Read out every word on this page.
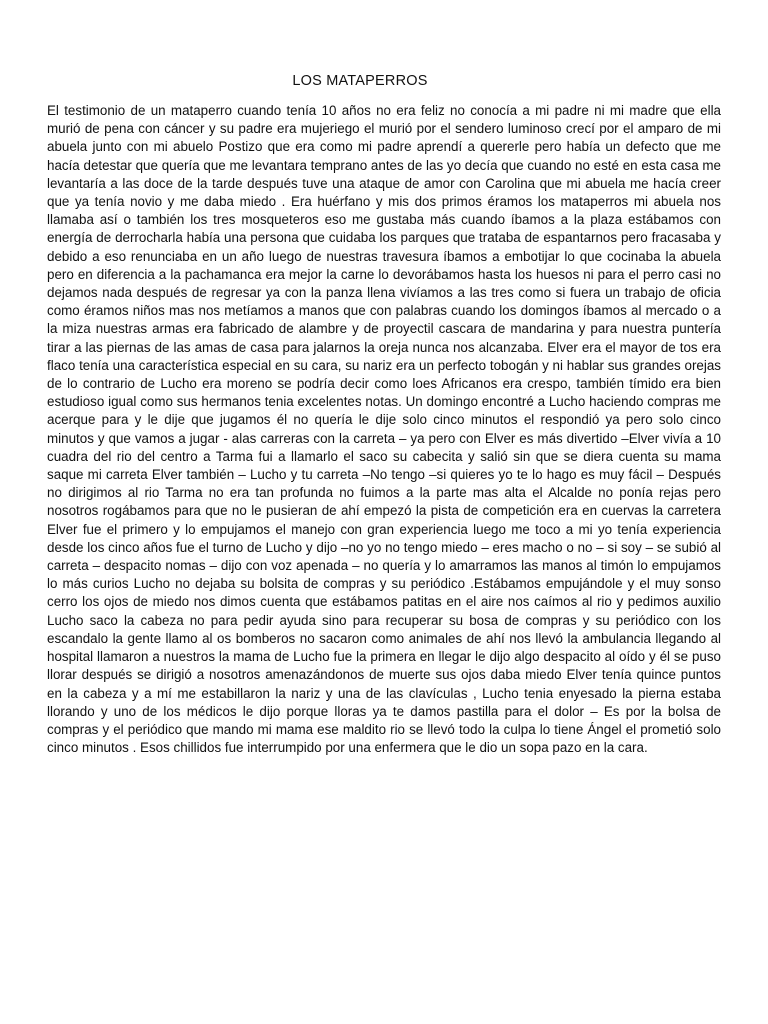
LOS MATAPERROS

El testimonio de un mataperro cuando tenía 10 años no era feliz no conocía a mi padre ni mi madre que ella murió de pena con cáncer y su padre era mujeriego el murió por el sendero luminoso crecí por el amparo de mi abuela junto con mi abuelo Postizo que era como mi padre aprendí a quererle pero había un defecto que me hacía detestar que quería que me levantara temprano antes de las yo decía que cuando no esté en esta casa me levantaría a las doce de la tarde después tuve una ataque de amor con Carolina que mi abuela me hacía creer que ya tenía novio y me daba miedo . Era huérfano y mis dos primos éramos los mataperros mi abuela nos llamaba así o también los tres mosqueteros eso me gustaba más cuando íbamos a la plaza estábamos con energía de derrocharla había una persona que cuidaba los parques que trataba de espantarnos pero fracasaba y debido a eso renunciaba en un año luego de nuestras travesura íbamos a embotijar lo que cocinaba la abuela pero en diferencia a la pachamanca era mejor la carne lo devorábamos hasta los huesos ni para el perro casi no dejamos nada después de regresar ya con la panza llena vivíamos a las tres como si fuera un trabajo de oficia como éramos niños mas nos metíamos a manos que con palabras cuando los domingos íbamos al mercado o a la miza nuestras armas era fabricado de alambre y de proyectil cascara de mandarina y para nuestra puntería tirar a las piernas de las amas de casa para jalarnos la oreja nunca nos alcanzaba. Elver era el mayor de tos era flaco tenía una característica especial en su cara, su nariz era un perfecto tobogán y ni hablar sus grandes orejas de lo contrario de Lucho era moreno se podría decir como loes Africanos era crespo, también tímido era bien estudioso igual como sus hermanos tenia excelentes notas. Un domingo encontré a Lucho haciendo compras me acerque para y le dije que jugamos él no quería le dije solo cinco minutos el respondió ya pero solo cinco minutos y que vamos a jugar - alas carreras con la carreta – ya pero con Elver es más divertido –Elver vivía a 10 cuadra del rio del centro a Tarma fui a llamarlo el saco su cabecita y salió sin que se diera cuenta su mama saque mi carreta Elver también – Lucho y tu carreta –No tengo –si quieres yo te lo hago es muy fácil – Después no dirigimos al rio Tarma no era tan profunda no fuimos a la parte mas alta el Alcalde no ponía rejas pero nosotros rogábamos para que no le pusieran de ahí empezó la pista de competición era en cuervas la carretera Elver fue el primero y lo empujamos el manejo con gran experiencia luego me toco a mi yo tenía experiencia desde los cinco años fue el turno de Lucho y dijo –no yo no tengo miedo – eres macho o no – si soy – se subió al carreta – despacito nomas – dijo con voz apenada – no quería y lo amarramos las manos al timón lo empujamos lo más curios Lucho no dejaba su bolsita de compras y su periódico .Estábamos empujándole y el muy sonso cerro los ojos de miedo nos dimos cuenta que estábamos patitas en el aire nos caímos al rio y pedimos auxilio Lucho saco la cabeza no para pedir ayuda sino para recuperar su bosa de compras y su periódico con los escandalo la gente llamo al os bomberos no sacaron como animales de ahí nos llevó la ambulancia llegando al hospital llamaron a nuestros la mama de Lucho fue la primera en llegar le dijo algo despacito al oído y él se puso llorar después se dirigió a nosotros amenazándonos de muerte sus ojos daba miedo Elver tenía quince puntos en la cabeza y a mí me estabillaron la nariz y una de las clavículas , Lucho tenia enyesado la pierna estaba llorando y uno de los médicos le dijo porque lloras ya te damos pastilla para el dolor – Es por la bolsa de compras y el periódico que mando mi mama ese maldito rio se llevó todo la culpa lo tiene Ángel el prometió solo cinco minutos . Esos chillidos fue interrumpido por una enfermera que le dio un sopa pazo en la cara.
